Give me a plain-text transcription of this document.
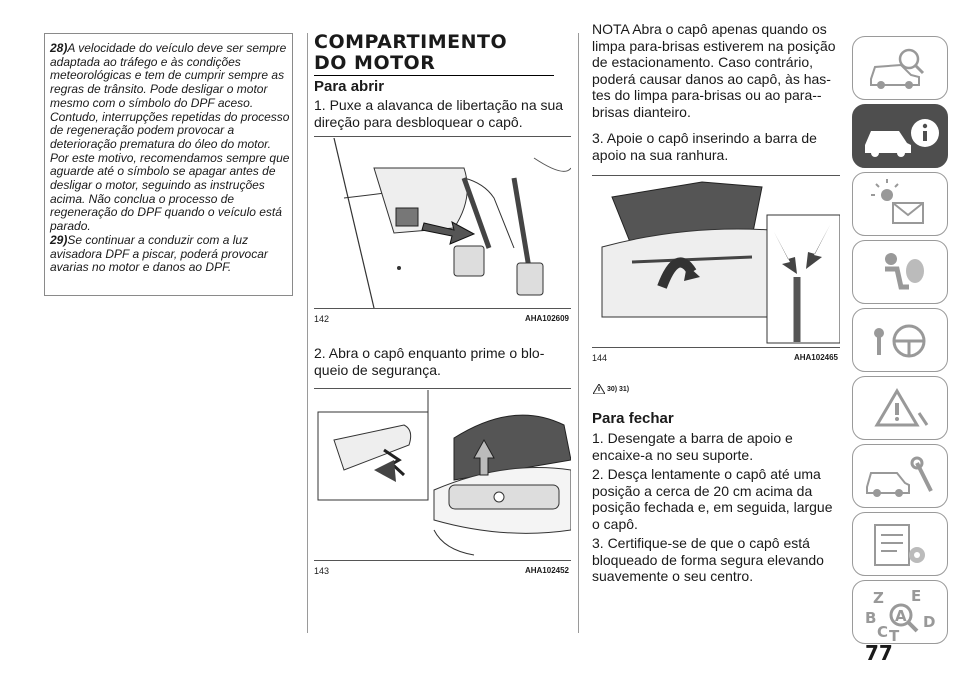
28)A velocidade do veículo deve ser sempre adaptada ao tráfego e às condições meteorológicas e tem de cumprir sempre as regras de trânsito. Pode desligar o motor mesmo com o símbolo do DPF aceso. Contudo, interrupções repetidas do processo de regeneração podem provocar a deterioração prematura do óleo do motor. Por este motivo, recomendamos sempre que aguarde até o símbolo se apagar antes de desligar o motor, seguindo as instruções acima. Não conclua o processo de regeneração do DPF quando o veículo está parado.
29)Se continuar a conduzir com a luz avisadora DPF a piscar, poderá provocar avarias no motor e danos ao DPF.
COMPARTIMENTO
DO MOTOR
Para abrir
1. Puxe a alavanca de libertação na sua direção para desbloquear o capô.
142	AHA102609
2. Abra o capô enquanto prime o blo-queio de segurança.
143	AHA102452
NOTA Abra o capô apenas quando os limpa para-brisas estiverem na posição de estacionamento. Caso contrário, poderá causar danos ao capô, às has-tes do limpa para-brisas ou ao para--brisas dianteiro.
3. Apoie o capô inserindo a barra de apoio na sua ranhura.
144	AHA102465
30) 31)
Para fechar
1. Desengate a barra de apoio e encaixe-a no seu suporte.
2. Desça lentamente o capô até uma posição a cerca de 20 cm acima da posição fechada e, em seguida, largue o capô.
3. Certifique-se de que o capô está bloqueado de forma segura elevando suavemente o seu centro.
Z E
A
B
C T
D
77
